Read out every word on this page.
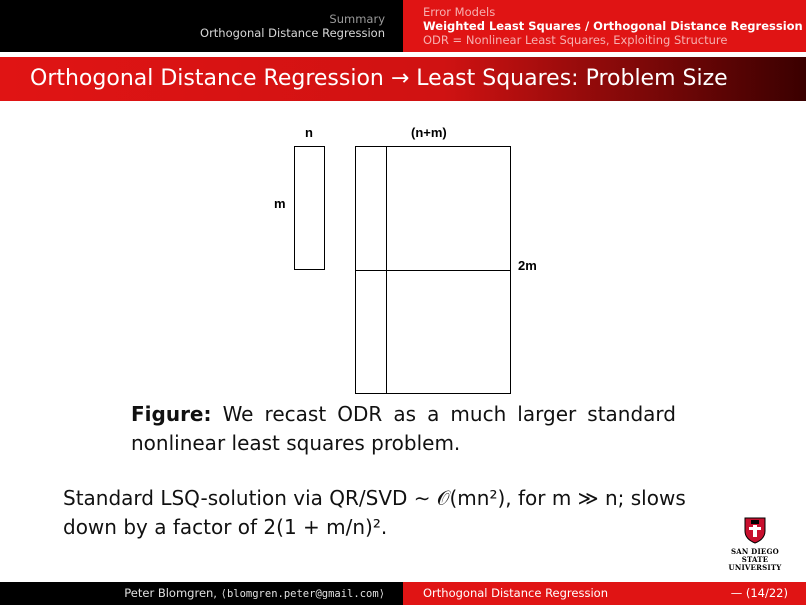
Summary
Orthogonal Distance Regression
Error Models
Weighted Least Squares / Orthogonal Distance Regression
ODR = Nonlinear Least Squares, Exploiting Structure
Orthogonal Distance Regression → Least Squares: Problem Size
n	(n+m)
m
2m
Figure: We recast ODR as a much larger standard nonlinear least squares problem.
Standard LSQ-solution via QR/SVD ∼ 𝒪(mn²), for m ≫ n; slows
down by a factor of 2(1 + m/n)².
SAN DIEGO STATE
UNIVERSITY
Peter Blomgren, ⟨blomgren.peter@gmail.com⟩	Orthogonal Distance Regression	— (14/22)
